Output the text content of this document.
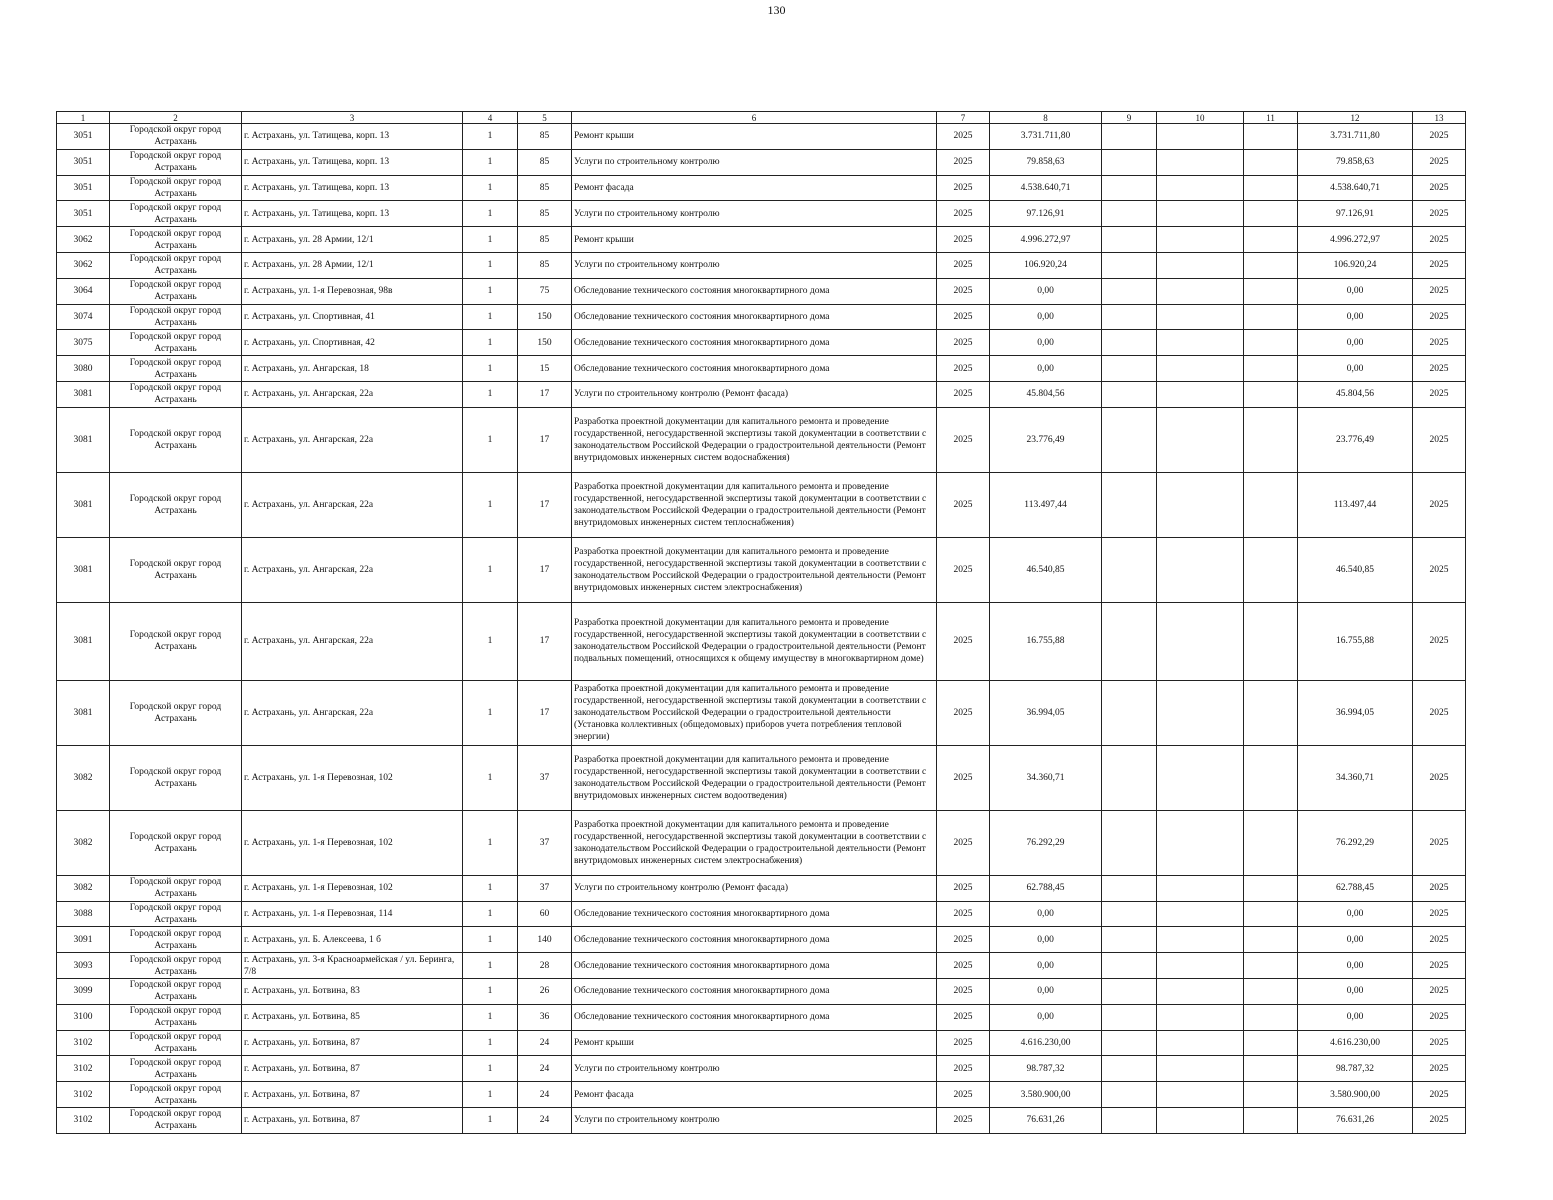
130
1	2	3	4	5	6	7	8	9	10	11	12	13
3051	Городской округ город Астрахань	г. Астрахань, ул. Татищева, корп. 13	1	85	Ремонт крыши	2025	3.731.711,80				3.731.711,80	2025
3051	Городской округ город Астрахань	г. Астрахань, ул. Татищева, корп. 13	1	85	Услуги по строительному контролю	2025	79.858,63				79.858,63	2025
3051	Городской округ город Астрахань	г. Астрахань, ул. Татищева, корп. 13	1	85	Ремонт фасада	2025	4.538.640,71				4.538.640,71	2025
3051	Городской округ город Астрахань	г. Астрахань, ул. Татищева, корп. 13	1	85	Услуги по строительному контролю	2025	97.126,91				97.126,91	2025
3062	Городской округ город Астрахань	г. Астрахань, ул. 28 Армии, 12/1	1	85	Ремонт крыши	2025	4.996.272,97				4.996.272,97	2025
3062	Городской округ город Астрахань	г. Астрахань, ул. 28 Армии, 12/1	1	85	Услуги по строительному контролю	2025	106.920,24				106.920,24	2025
3064	Городской округ город Астрахань	г. Астрахань, ул. 1-я Перевозная, 98в	1	75	Обследование технического состояния многоквартирного дома	2025	0,00				0,00	2025
3074	Городской округ город Астрахань	г. Астрахань, ул. Спортивная, 41	1	150	Обследование технического состояния многоквартирного дома	2025	0,00				0,00	2025
3075	Городской округ город Астрахань	г. Астрахань, ул. Спортивная, 42	1	150	Обследование технического состояния многоквартирного дома	2025	0,00				0,00	2025
3080	Городской округ город Астрахань	г. Астрахань, ул. Ангарская, 18	1	15	Обследование технического состояния многоквартирного дома	2025	0,00				0,00	2025
3081	Городской округ город Астрахань	г. Астрахань, ул. Ангарская, 22а	1	17	Услуги по строительному контролю (Ремонт фасада)	2025	45.804,56				45.804,56	2025
3081	Городской округ город Астрахань	г. Астрахань, ул. Ангарская, 22а	1	17	Разработка проектной документации для капитального ремонта и проведение государственной, негосударственной экспертизы такой документации в соответствии с законодательством Российской Федерации о градостроительной деятельности (Ремонт внутридомовых инженерных систем водоснабжения)	2025	23.776,49				23.776,49	2025
3081	Городской округ город Астрахань	г. Астрахань, ул. Ангарская, 22а	1	17	Разработка проектной документации для капитального ремонта и проведение государственной, негосударственной экспертизы такой документации в соответствии с законодательством Российской Федерации о градостроительной деятельности (Ремонт внутридомовых инженерных систем теплоснабжения)	2025	113.497,44				113.497,44	2025
3081	Городской округ город Астрахань	г. Астрахань, ул. Ангарская, 22а	1	17	Разработка проектной документации для капитального ремонта и проведение государственной, негосударственной экспертизы такой документации в соответствии с законодательством Российской Федерации о градостроительной деятельности (Ремонт внутридомовых инженерных систем электроснабжения)	2025	46.540,85				46.540,85	2025
3081	Городской округ город Астрахань	г. Астрахань, ул. Ангарская, 22а	1	17	Разработка проектной документации для капитального ремонта и проведение государственной, негосударственной экспертизы такой документации в соответствии с законодательством Российской Федерации о градостроительной деятельности (Ремонт подвальных помещений, относящихся к общему имуществу в многоквартирном доме)	2025	16.755,88				16.755,88	2025
3081	Городской округ город Астрахань	г. Астрахань, ул. Ангарская, 22а	1	17	Разработка проектной документации для капитального ремонта и проведение государственной, негосударственной экспертизы такой документации в соответствии с законодательством Российской Федерации о градостроительной деятельности (Установка коллективных (общедомовых) приборов учета потребления тепловой энергии)	2025	36.994,05				36.994,05	2025
3082	Городской округ город Астрахань	г. Астрахань, ул. 1-я Перевозная, 102	1	37	Разработка проектной документации для капитального ремонта и проведение государственной, негосударственной экспертизы такой документации в соответствии с законодательством Российской Федерации о градостроительной деятельности (Ремонт внутридомовых инженерных систем водоотведения)	2025	34.360,71				34.360,71	2025
3082	Городской округ город Астрахань	г. Астрахань, ул. 1-я Перевозная, 102	1	37	Разработка проектной документации для капитального ремонта и проведение государственной, негосударственной экспертизы такой документации в соответствии с законодательством Российской Федерации о градостроительной деятельности (Ремонт внутридомовых инженерных систем электроснабжения)	2025	76.292,29				76.292,29	2025
3082	Городской округ город Астрахань	г. Астрахань, ул. 1-я Перевозная, 102	1	37	Услуги по строительному контролю (Ремонт фасада)	2025	62.788,45				62.788,45	2025
3088	Городской округ город Астрахань	г. Астрахань, ул. 1-я Перевозная, 114	1	60	Обследование технического состояния многоквартирного дома	2025	0,00				0,00	2025
3091	Городской округ город Астрахань	г. Астрахань, ул. Б. Алексеева, 1 б	1	140	Обследование технического состояния многоквартирного дома	2025	0,00				0,00	2025
3093	Городской округ город Астрахань	г. Астрахань, ул. 3-я Красноармейская / ул. Беринга, 7/8	1	28	Обследование технического состояния многоквартирного дома	2025	0,00				0,00	2025
3099	Городской округ город Астрахань	г. Астрахань, ул. Ботвина, 83	1	26	Обследование технического состояния многоквартирного дома	2025	0,00				0,00	2025
3100	Городской округ город Астрахань	г. Астрахань, ул. Ботвина, 85	1	36	Обследование технического состояния многоквартирного дома	2025	0,00				0,00	2025
3102	Городской округ город Астрахань	г. Астрахань, ул. Ботвина, 87	1	24	Ремонт крыши	2025	4.616.230,00				4.616.230,00	2025
3102	Городской округ город Астрахань	г. Астрахань, ул. Ботвина, 87	1	24	Услуги по строительному контролю	2025	98.787,32				98.787,32	2025
3102	Городской округ город Астрахань	г. Астрахань, ул. Ботвина, 87	1	24	Ремонт фасада	2025	3.580.900,00				3.580.900,00	2025
3102	Городской округ город Астрахань	г. Астрахань, ул. Ботвина, 87	1	24	Услуги по строительному контролю	2025	76.631,26				76.631,26	2025
